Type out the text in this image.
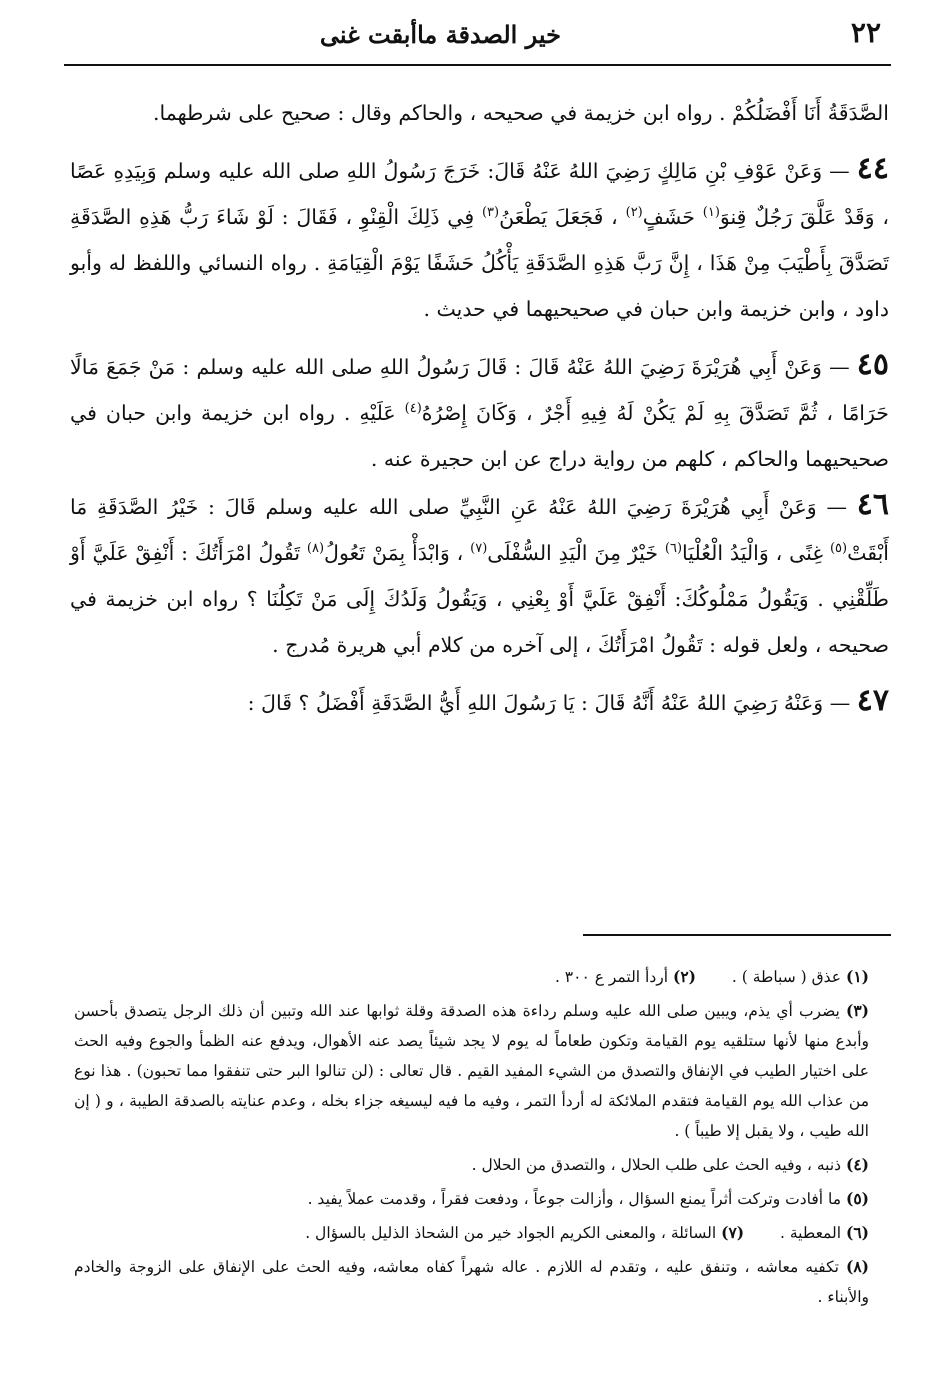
٢٢
خير الصدقة ماأبقت غنى

الصَّدَقَةُ أَنَا أَفْضَلُكُمْ . رواه ابن خزيمة في صحيحه ، والحاكم وقال : صحيح على شرطهما.

٤٤ — وَعَنْ عَوْفِ بْنِ مَالِكٍ رَضِيَ اللهُ عَنْهُ قَالَ: خَرَجَ رَسُولُ اللهِ صلى الله عليه وسلم وَبِيَدِهِ عَصًا ، وَقَدْ عَلَّقَ رَجُلٌ قِنوَ$^{(١)}$ حَشَفٍ$^{(٢)}$ ، فَجَعَلَ يَطْعَنُ$^{(٣)}$ فِي ذَلِكَ الْقِنْوِ ، فَقَالَ : لَوْ شَاءَ رَبُّ هَذِهِ الصَّدَقَةِ تَصَدَّقَ بِأَطْيَبَ مِنْ هَذَا ، إِنَّ رَبَّ هَذِهِ الصَّدَقَةِ يَأْكُلُ حَشَفًا يَوْمَ الْقِيَامَةِ . رواه النسائي واللفظ له وأبو داود ، وابن خزيمة وابن حبان في صحيحيهما في حديث .

٤٥ — وَعَنْ أَبِي هُرَيْرَةَ رَضِيَ اللهُ عَنْهُ قَالَ : قَالَ رَسُولُ اللهِ صلى الله عليه وسلم : مَنْ جَمَعَ مَالًا حَرَامًا ، ثُمَّ تَصَدَّقَ بِهِ لَمْ يَكُنْ لَهُ فِيهِ أَجْرٌ ، وَكَانَ إِصْرُهُ$^{(٤)}$ عَلَيْهِ . رواه ابن خزيمة وابن حبان في صحيحيهما والحاكم ، كلهم من رواية دراج عن ابن حجيرة عنه .

٤٦ — وَعَنْ أَبِي هُرَيْرَةَ رَضِيَ اللهُ عَنْهُ عَنِ النَّبِيِّ صلى الله عليه وسلم قَالَ : خَيْرُ الصَّدَقَةِ مَا أَبْقَتْ$^{(٥)}$ غِنًى ، وَالْيَدُ الْعُلْيَا$^{(٦)}$ خَيْرٌ مِنَ الْيَدِ السُّفْلَى$^{(٧)}$ ، وَابْدَأْ بِمَنْ تَعُولُ$^{(٨)}$ تَقُولُ امْرَأَتُكَ : أَنْفِقْ عَلَيَّ أَوْ طَلِّقْنِي . وَيَقُولُ مَمْلُوكُكَ: أَنْفِقْ عَلَيَّ أَوْ بِعْنِي ، وَيَقُولُ وَلَدُكَ إِلَى مَنْ تَكِلُنَا ؟ رواه ابن خزيمة في صحيحه ، ولعل قوله : تَقُولُ امْرَأَتُكَ ، إلى آخره من كلام أبي هريرة مُدرج .

٤٧ — وَعَنْهُ رَضِيَ اللهُ عَنْهُ أَنَّهُ قَالَ : يَا رَسُولَ اللهِ أَيُّ الصَّدَقَةِ أَفْضَلُ ؟ قَالَ :

(١) عذق ( سباطة ) .  (٢) أردأ التمر ع ٣٠٠ .

(٣) يضرب أي يذم، ويبين صلى الله عليه وسلم رداءة هذه الصدقة وقلة ثوابها عند الله وتبين أن ذلك الرجل يتصدق بأحسن وأبدع منها لأنها ستلقيه يوم القيامة وتكون طعاماً له يوم لا يجد شيئاً يصد عنه الأهوال، ويدفع عنه الظمأ والجوع وفيه الحث على اختيار الطيب في الإنفاق والتصدق من الشيء المفيد القيم . قال تعالى : (لن تنالوا البر حتى تنفقوا مما تحبون) . هذا نوع من عذاب الله يوم القيامة فتقدم الملائكة له أردأ التمر ، وفيه ما فيه ليسيغه جزاء بخله ، وعدم عنايته بالصدقة الطيبة ، و ( إن الله طيب ، ولا يقبل إلا طيباً ) .

(٤) ذنبه ، وفيه الحث على طلب الحلال ، والتصدق من الحلال .

(٥) ما أفادت وتركت أثراً يمنع السؤال ، وأزالت جوعاً ، ودفعت فقراً ، وقدمت عملاً يفيد .

(٦) المعطية .  (٧) السائلة ، والمعنى الكريم الجواد خير من الشحاذ الذليل بالسؤال .

(٨) تكفيه معاشه ، وتنفق عليه ، وتقدم له اللازم . عاله شهراً كفاه معاشه، وفيه الحث على الإنفاق على الزوجة والخادم والأبناء .
